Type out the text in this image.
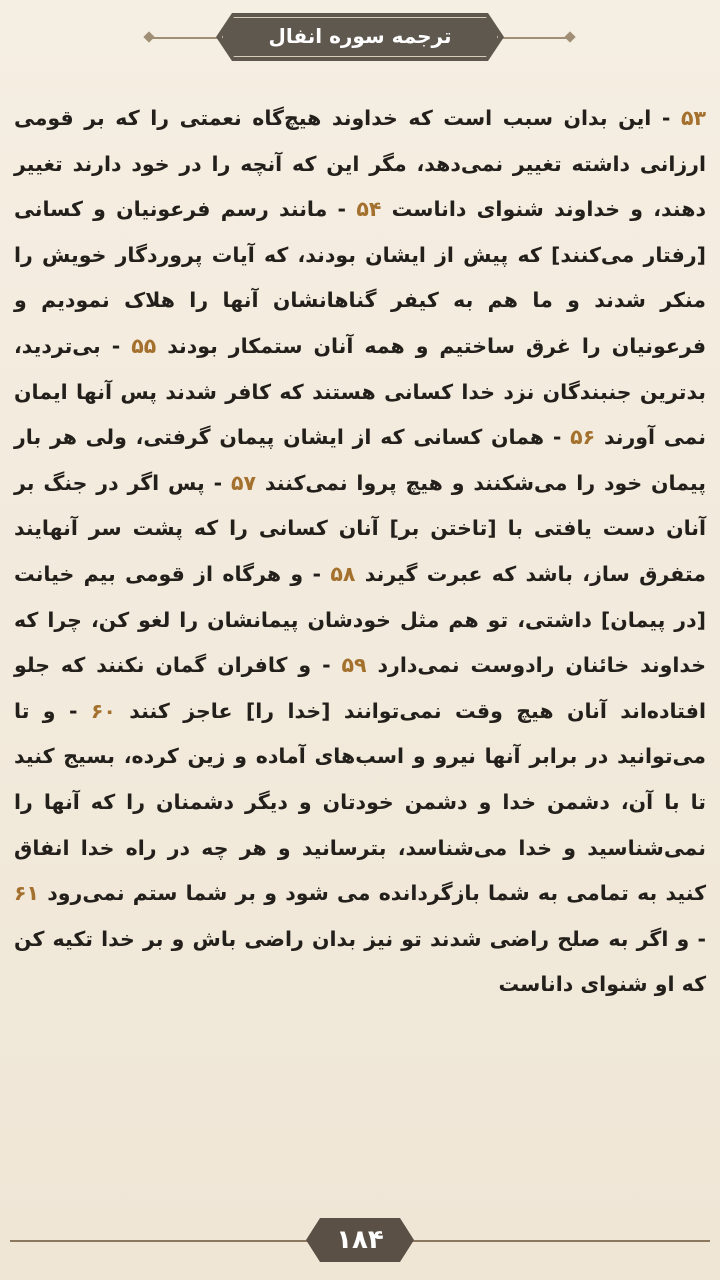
ترجمه سوره انفال
۵۳ - این بدان سبب است که خداوند هیچ‌گاه نعمتی را که بر قومی ارزانی داشته تغییر نمی‌دهد، مگر این که آنچه را در خود دارند تغییر دهند، و خداوند شنوای داناست ۵۴ - مانند رسم فرعونیان و کسانی [رفتار می‌کنند] که پیش از ایشان بودند، که آیات پروردگار خویش را منکر شدند و ما هم به کیفر گناهانشان آنها را هلاک نمودیم و فرعونیان را غرق ساختیم و همه آنان ستمکار بودند ۵۵ - بی‌تردید، بدترین جنبندگان نزد خدا کسانی هستند که کافر شدند پس آنها ایمان نمی آورند ۵۶ - همان کسانی که از ایشان پیمان گرفتی، ولی هر بار پیمان خود را می‌شکنند و هیچ پروا نمی‌کنند ۵۷ - پس اگر در جنگ بر آنان دست یافتی با [تاختن بر] آنان کسانی را که پشت سر آنهایند متفرق ساز، باشد که عبرت گیرند ۵۸ - و هرگاه از قومی بیم خیانت [در پیمان] داشتی، تو هم مثل خودشان پیمانشان را لغو کن، چرا که خداوند خائنان رادوست نمی‌دارد ۵۹ - و کافران گمان نکنند که جلو افتاده‌اند آنان هیچ وقت نمی‌توانند [خدا را] عاجز کنند ۶۰ - و تا می‌توانید در برابر آنها نیرو و اسب‌های آماده و زین کرده، بسیج کنید تا با آن، دشمن خدا و دشمن خودتان و دیگر دشمنان را که آنها را نمی‌شناسید و خدا می‌شناسد، بترسانید و هر چه در راه خدا انفاق کنید به تمامی به شما بازگردانده می شود و بر شما ستم نمی‌رود ۶۱ - و اگر به صلح راضی شدند تو نیز بدان راضی باش و بر خدا تکیه کن که او شنوای داناست
۱۸۴
